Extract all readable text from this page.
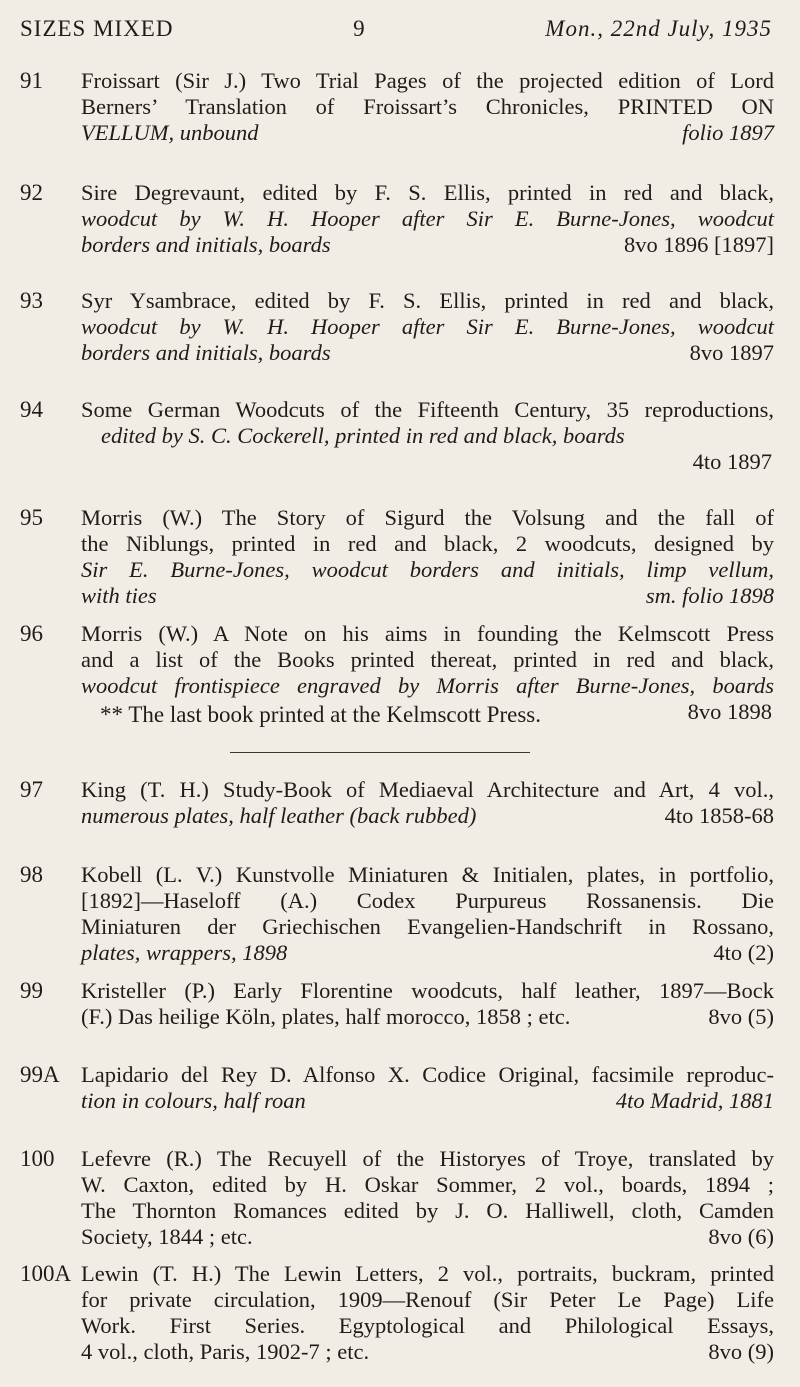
SIZES MIXED	9	Mon., 22nd July, 1935
91 Froissart (Sir J.) Two Trial Pages of the projected edition of Lord
Berners’ Translation of Froissart’s Chronicles, PRINTED ON
VELLUM, unbound	folio 1897
92 Sire Degrevaunt, edited by F. S. Ellis, printed in red and black,
woodcut by W. H. Hooper after Sir E. Burne-Jones, woodcut
borders and initials, boards	8vo 1896 [1897]
93 Syr Ysambrace, edited by F. S. Ellis, printed in red and black,
woodcut by W. H. Hooper after Sir E. Burne-Jones, woodcut
borders and initials, boards	8vo 1897
94 Some German Woodcuts of the Fifteenth Century, 35 reproductions,
edited by S. C. Cockerell, printed in red and black, boards
4to 1897
95 Morris (W.) The Story of Sigurd the Volsung and the fall of
the Niblungs, printed in red and black, 2 woodcuts, designed by
Sir E. Burne-Jones, woodcut borders and initials, limp vellum,
with ties	sm. folio 1898
96 Morris (W.) A Note on his aims in founding the Kelmscott Press
and a list of the Books printed thereat, printed in red and black,
woodcut frontispiece engraved by Morris after Burne-Jones, boards
8vo 1898
** The last book printed at the Kelmscott Press.
97 King (T. H.) Study-Book of Mediaeval Architecture and Art, 4 vol.,
numerous plates, half leather (back rubbed)	4to 1858-68
98 Kobell (L. V.) Kunstvolle Miniaturen & Initialen, plates, in portfolio,
[1892]—Haseloff (A.) Codex Purpureus Rossanensis. Die
Miniaturen der Griechischen Evangelien-Handschrift in Rossano,
plates, wrappers, 1898	4to (2)
99 Kristeller (P.) Early Florentine woodcuts, half leather, 1897—Bock
(F.) Das heilige Köln, plates, half morocco, 1858 ; etc.	8vo (5)
99A Lapidario del Rey D. Alfonso X. Codice Original, facsimile reproduc-
tion in colours, half roan	4to Madrid, 1881
100 Lefevre (R.) The Recuyell of the Historyes of Troye, translated by
W. Caxton, edited by H. Oskar Sommer, 2 vol., boards, 1894 ;
The Thornton Romances edited by J. O. Halliwell, cloth, Camden
Society, 1844 ; etc.	8vo (6)
100A Lewin (T. H.) The Lewin Letters, 2 vol., portraits, buckram, printed
for private circulation, 1909—Renouf (Sir Peter Le Page) Life
Work. First Series. Egyptological and Philological Essays,
4 vol., cloth, Paris, 1902-7 ; etc.	8vo (9)
